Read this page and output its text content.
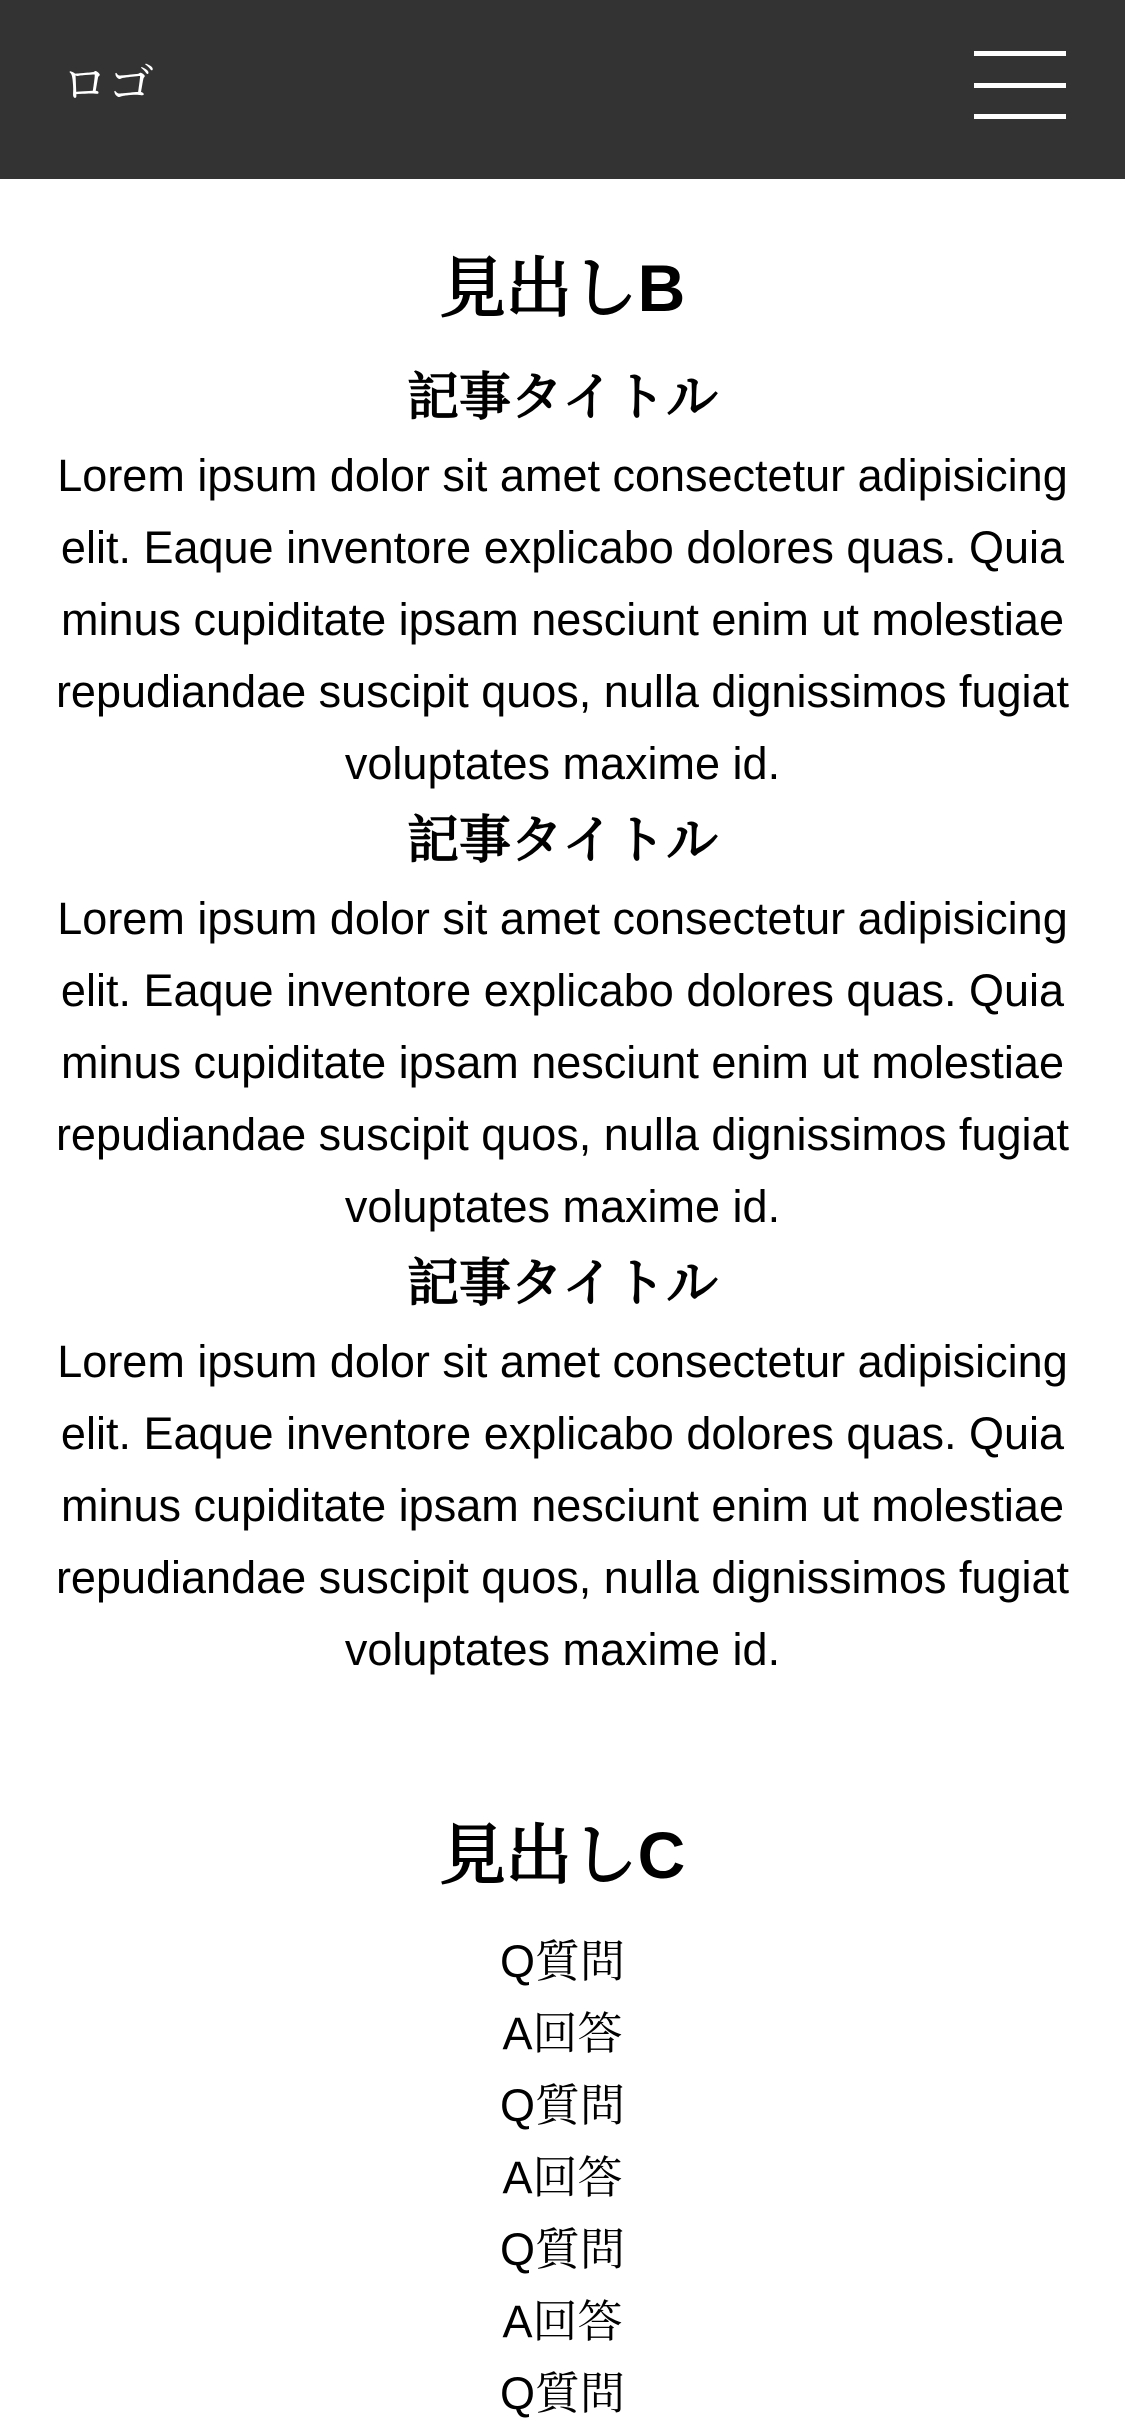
ロゴ
見出しB
記事タイトル

Lorem ipsum dolor sit amet consectetur adipisicing elit. Eaque inventore explicabo dolores quas. Quia minus cupiditate ipsam nesciunt enim ut molestiae repudiandae suscipit quos, nulla dignissimos fugiat voluptates maxime id.

記事タイトル

Lorem ipsum dolor sit amet consectetur adipisicing elit. Eaque inventore explicabo dolores quas. Quia minus cupiditate ipsam nesciunt enim ut molestiae repudiandae suscipit quos, nulla dignissimos fugiat voluptates maxime id.

記事タイトル

Lorem ipsum dolor sit amet consectetur adipisicing elit. Eaque inventore explicabo dolores quas. Quia minus cupiditate ipsam nesciunt enim ut molestiae repudiandae suscipit quos, nulla dignissimos fugiat voluptates maxime id.

見出しC
Q質問
A回答
Q質問
A回答
Q質問
A回答
Q質問
